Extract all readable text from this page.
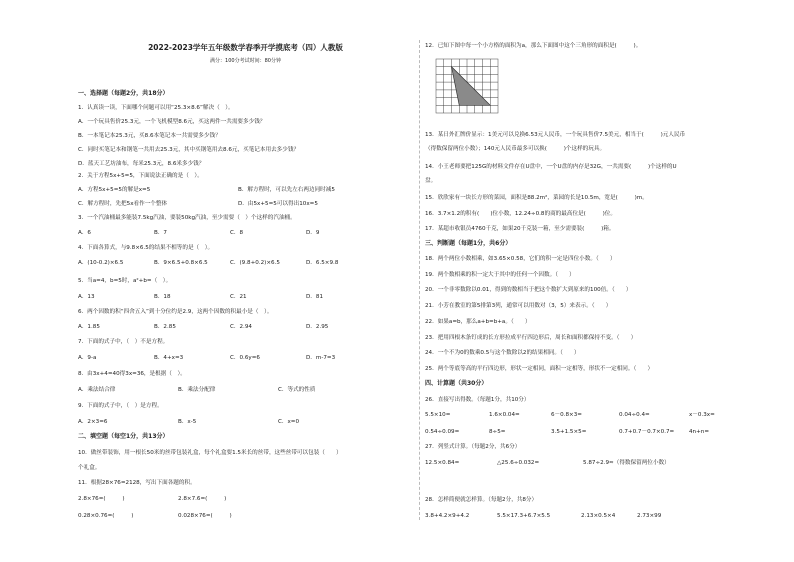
2022-2023学年五年级数学春季开学摸底考（四）人教版
满分：100分考试时间：80分钟
一、选择题（每题2分，共18分）
1．认真读一读，下面哪个问题可以用“25.3×8.6”解决（　）。
A．一个玩具售价25.3元，一个飞机模型8.6元，买这两件一共需要多少钱？
B．一本笔记本25.3元，买8.6本笔记本一共需要多少钱？
C．同时买笔记本和钢笔一共用去25.3元，其中买钢笔用去8.6元，买笔记本用去多少钱？
D．蓝天工艺坊油布，每米25.3元，8.6米多少钱？
2．关于方程5x+5=5，下面说法正确的是（　）。
A．方程5x+5=5的解是x=5	B．解方程时，可以先左右两边同时减5
C．解方程时，先把5x看作一个整体	D．由5x+5=5可以得出10x=5
3．一个汽油桶最多能装7.5kg汽油，要装50kg汽油，至少需要（　）个这样的汽油桶。
A．6	B．7	C．8	D．9
4．下面各算式，与9.8×6.5的结果不相等的是（　）。
A．(10-0.2)×6.5	B．9×6.5+0.8×6.5	C．(9.8+0.2)×6.5	D．6.5×9.8
5．当a=4，b=5时，a²+b=（　）。
A．13	B．18	C．21	D．81
6．两个因数的积“四舍五入”到十分位约是2.9，这两个因数的积最小是（　）。
A．1.85	B．2.85	C．2.94	D．2.95
7．下面的式子中，（　）不是方程。
A．9-a	B．4+x=3	C．0.6y=6	D．m-7=3
8．由3x+4=40得3x=36，是根据（　）。
A．乘法结合律	B．乘法分配律	C．等式的性质
9．下面的式子中，（　）是方程。
A．2×3=6	B．x-5	C．x=0
二、填空题（每空1分，共13分）
10．做丝带装饰，用一根长50米的丝带包装礼盒，每个礼盒要1.5米长的丝带，这些丝带可以包装（　　）
个礼盒。
11．根据28×76=2128，写出下面各题的积。
2.8×76=(　　　)	2.8×7.6=(　　　)
0.28×0.76=(　　　)	0.028×76=(　　　)
12．已知下图中每一个小方格的面积为a，那么下面图中这个三角形的面积是(　　　)。
13．某日外汇牌价显示：1美元可以兑换6.53元人民币，一个玩具售价7.5美元，相当于(　　　)元人民币
（得数保留两位小数）；140元人民币最多可以换(　　　)个这样的玩具。
14．小王老师要把125G的材料文件存在U盘中，一个U盘的内存是32G，一共需要(　　　)个这样的U
盘。
15．欣欣家有一块长方形的菜园，面积是88.2m²，菜园的长是10.5m，宽是(　　　)m。
16．3.7×1.2的积有(　　)位小数，12.24÷0.8的商的最高位是(　　　)位。
17．某超市收银员4760千克，如果20千克装一箱，至少需要装(　　　)箱。
三、判断题（每题1分，共6分）
18．两个两位小数相乘，如3.65×0.58，它们的积一定是四位小数。（　　）
19．两个数相乘的积一定大于其中的任何一个因数。（　　）
20．一个非零数除以0.01，得到的数相当于把这个数扩大到原来的100倍。（　　）
21．小芳在教室的第5排第3列，通常可以用数对（3，5）来表示。（　　）
22．如果a=b，那么a+b=b+a。（　　）
23．把用四根木条钉成的长方形拉成平行四边形后，周长和面积都保持不变。（　　）
24．一个不为0的数乘0.5与这个数除以2的结果相同。（　　）
25．两个等底等高的平行四边形，形状一定相同，面积一定相等，形状不一定相同。（　　）
四、计算题（共30分）
26．直接写出得数。（每题1分，共10分）
5.5×10=	1.6×0.04=	6－0.8×3=	0.04÷0.4=	x－0.3x=
0.54÷0.09=	8÷5=	3.5+1.5×5=	0.7+0.7－0.7×0.7=	4n+n=
27．列竖式计算。（每题2分，共6分）
12.5×0.84=	△25.6÷0.032=	5.87÷2.9≈（得数保留两位小数）
28．怎样简便就怎样算。（每题2分，共8分）
3.8+4.2×9+4.2	5.5×17.3+6.7×5.5	2.13×0.5×4	2.73×99
